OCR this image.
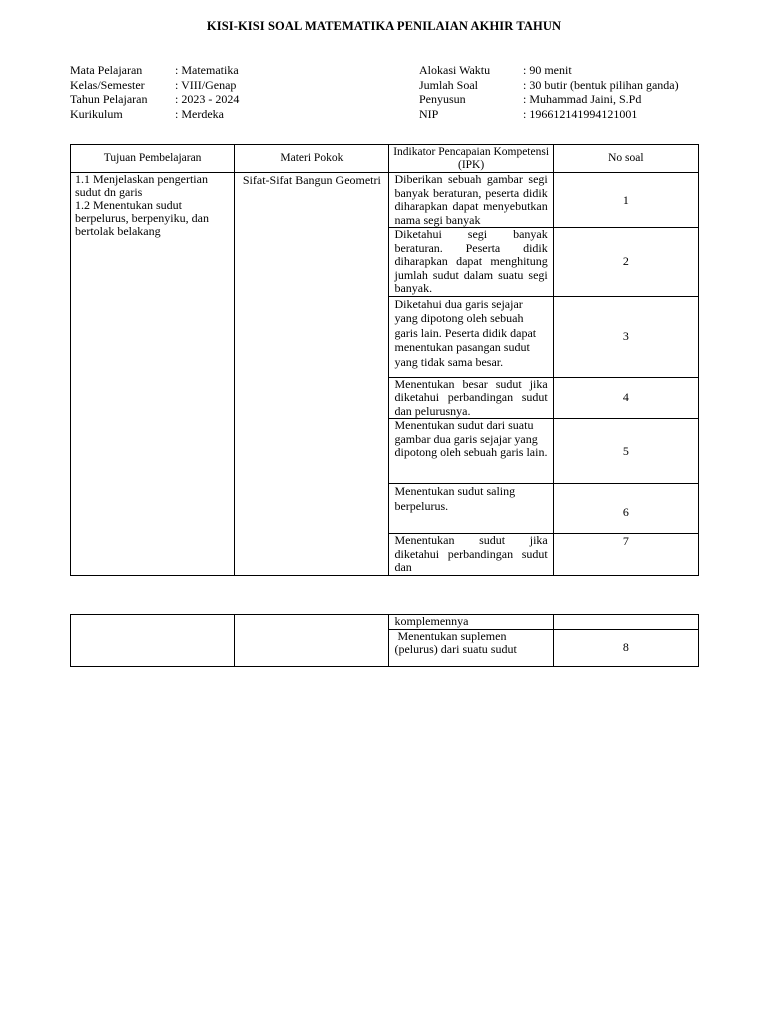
KISI-KISI SOAL MATEMATIKA PENILAIAN AKHIR TAHUN
Mata Pelajaran	: Matematika
Kelas/Semester	: VIII/Genap
Tahun Pelajaran	: 2023 - 2024
Kurikulum	: Merdeka
Alokasi Waktu	: 90 menit
Jumlah Soal	: 30 butir (bentuk pilihan ganda)
Penyusun	: Muhammad Jaini, S.Pd
NIP	: 196612141994121001
Tujuan Pembelajaran	Materi Pokok	Indikator Pencapaian Kompetensi (IPK)	No soal

1.1 Menjelaskan pengertian sudut dn garis
1.2 Menentukan sudut berpelurus, berpenyiku, dan bertolak belakang	Sifat-Sifat Bangun Geometri	Diberikan sebuah gambar segi banyak beraturan, peserta didik diharapkan dapat menyebutkan nama segi banyak	1
		Diketahui segi banyak beraturan. Peserta didik diharapkan dapat menghitung jumlah sudut dalam suatu segi banyak.	2
		Diketahui dua garis sejajar yang dipotong oleh sebuah garis lain. Peserta didik dapat menentukan pasangan sudut yang tidak sama besar.	3
		Menentukan besar sudut jika diketahui perbandingan sudut dan pelurusnya.	4
		Menentukan sudut dari suatu gambar dua garis sejajar yang dipotong oleh sebuah garis lain.	5
		Menentukan sudut saling berpelurus.	6
		Menentukan sudut jika diketahui perbandingan sudut dan	7
		komplemennya	
		Menentukan suplemen (pelurus) dari suatu sudut	8
